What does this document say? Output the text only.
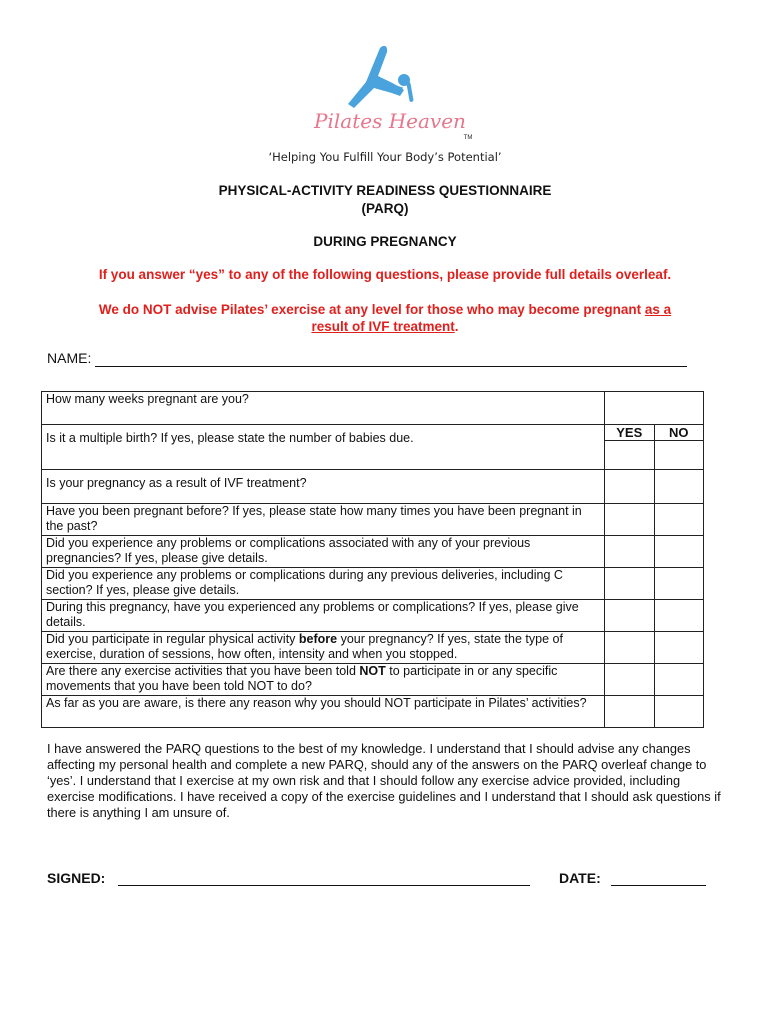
Pilates Heaven
TM
‘Helping You Fulfill Your Body’s Potential’
PHYSICAL-ACTIVITY READINESS QUESTIONNAIRE
(PARQ)
DURING PREGNANCY
If you answer “yes” to any of the following questions, please provide full details overleaf.
We do NOT advise Pilates’ exercise at any level for those who may become pregnant as a
result of IVF treatment.
NAME:
How many weeks pregnant are you?		
Is it a multiple birth? If yes, please state the number of babies due.	YES	NO

Is your pregnancy as a result of IVF treatment?		
Have you been pregnant before? If yes, please state how many times you have been pregnant in the past?		
Did you experience any problems or complications associated with any of your previous pregnancies? If yes, please give details.		
Did you experience any problems or complications during any previous deliveries, including C section? If yes, please give details.		
During this pregnancy, have you experienced any problems or complications? If yes, please give details.		
Did you participate in regular physical activity before your pregnancy? If yes, state the type of exercise, duration of sessions, how often, intensity and when you stopped.		
Are there any exercise activities that you have been told NOT to participate in or any specific movements that you have been told NOT to do?		
As far as you are aware, is there any reason why you should NOT participate in Pilates’ activities?		
I have answered the PARQ questions to the best of my knowledge. I understand that I should advise any changes affecting my personal health and complete a new PARQ, should any of the answers on the PARQ overleaf change to ‘yes’. I understand that I exercise at my own risk and that I should follow any exercise advice provided, including exercise modifications. I have received a copy of the exercise guidelines and I understand that I should ask questions if there is anything I am unsure of.
SIGNED:	DATE:
